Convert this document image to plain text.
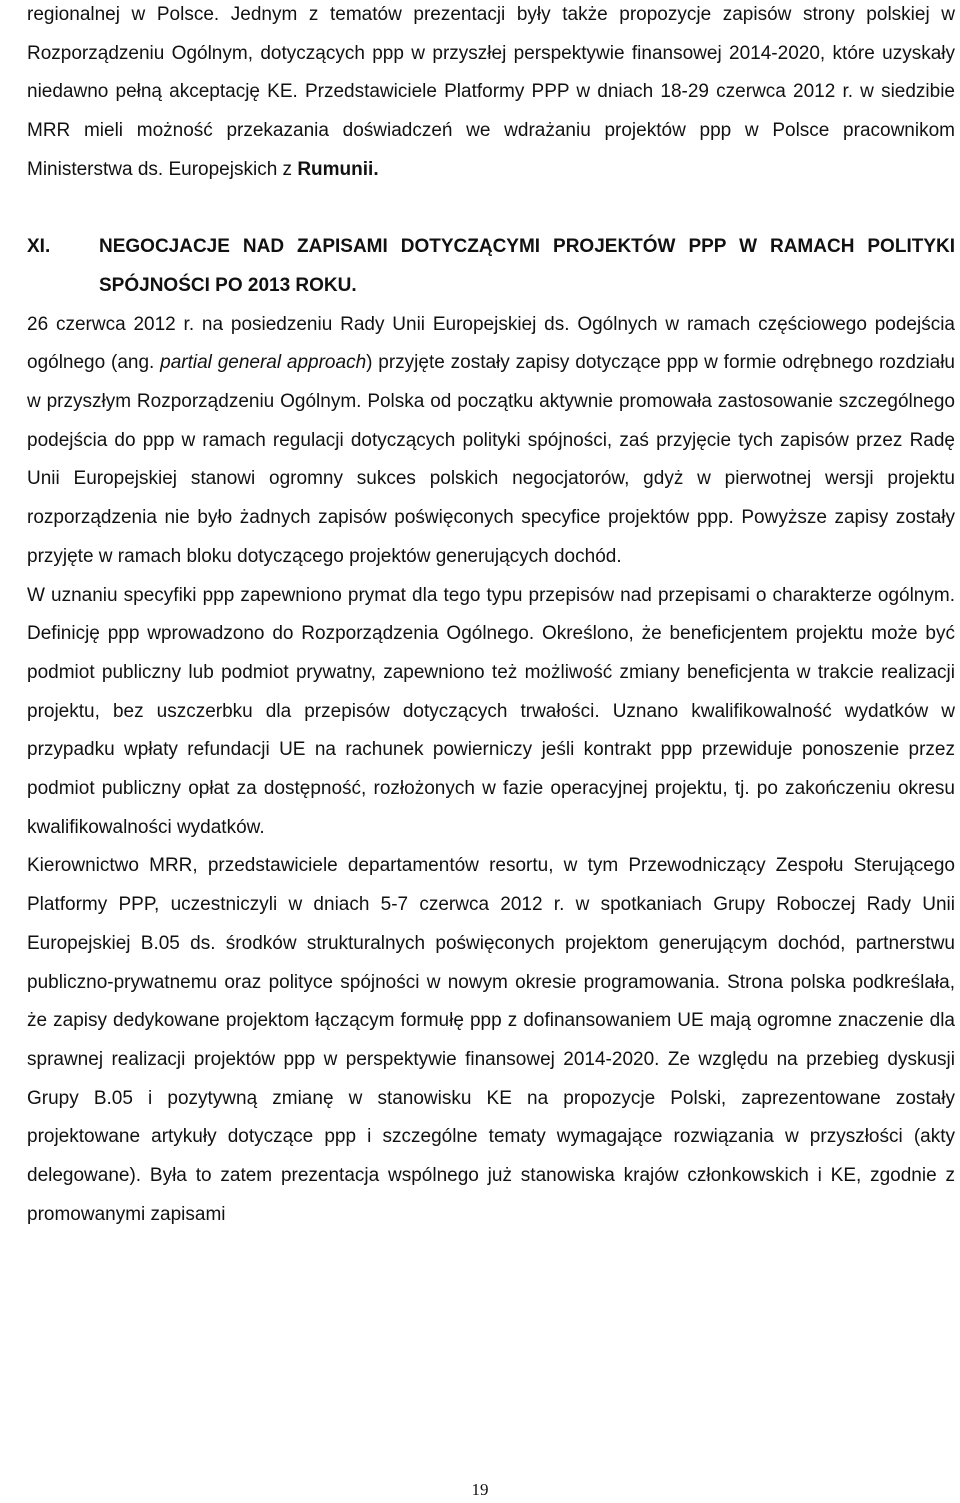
regionalnej w Polsce. Jednym z tematów prezentacji były także propozycje zapisów strony polskiej w Rozporządzeniu Ogólnym, dotyczących ppp w przyszłej perspektywie finansowej 2014-2020, które uzyskały niedawno pełną akceptację KE. Przedstawiciele Platformy PPP w dniach 18-29 czerwca 2012 r. w siedzibie MRR mieli możność przekazania doświadczeń we wdrażaniu projektów ppp w Polsce pracownikom Ministerstwa ds. Europejskich z Rumunii.

XI.	NEGOCJACJE NAD ZAPISAMI DOTYCZĄCYMI PROJEKTÓW PPP W RAMACH POLITYKI SPÓJNOŚCI PO 2013 ROKU.

26 czerwca 2012 r. na posiedzeniu Rady Unii Europejskiej ds. Ogólnych w ramach częściowego podejścia ogólnego (ang. partial general approach) przyjęte zostały zapisy dotyczące ppp w formie odrębnego rozdziału w przyszłym Rozporządzeniu Ogólnym. Polska od początku aktywnie promowała zastosowanie szczególnego podejścia do ppp w ramach regulacji dotyczących polityki spójności, zaś przyjęcie tych zapisów przez Radę Unii Europejskiej stanowi ogromny sukces polskich negocjatorów, gdyż w pierwotnej wersji projektu rozporządzenia nie było żadnych zapisów poświęconych specyfice projektów ppp. Powyższe zapisy zostały przyjęte w ramach bloku dotyczącego projektów generujących dochód.

W uznaniu specyfiki ppp zapewniono prymat dla tego typu przepisów nad przepisami o charakterze ogólnym. Definicję ppp wprowadzono do Rozporządzenia Ogólnego. Określono, że beneficjentem projektu może być podmiot publiczny lub podmiot prywatny, zapewniono też możliwość zmiany beneficjenta w trakcie realizacji projektu, bez uszczerbku dla przepisów dotyczących trwałości. Uznano kwalifikowalność wydatków w przypadku wpłaty refundacji UE na rachunek powierniczy jeśli kontrakt ppp przewiduje ponoszenie przez podmiot publiczny opłat za dostępność, rozłożonych w fazie operacyjnej projektu, tj. po zakończeniu okresu kwalifikowalności wydatków.

Kierownictwo MRR, przedstawiciele departamentów resortu, w tym Przewodniczący Zespołu Sterującego Platformy PPP, uczestniczyli w dniach 5-7 czerwca 2012 r. w spotkaniach Grupy Roboczej Rady Unii Europejskiej B.05 ds. środków strukturalnych poświęconych projektom generującym dochód, partnerstwu publiczno-prywatnemu oraz polityce spójności w nowym okresie programowania. Strona polska podkreślała, że zapisy dedykowane projektom łączącym formułę ppp z dofinansowaniem UE mają ogromne znaczenie dla sprawnej realizacji projektów ppp w perspektywie finansowej 2014-2020. Ze względu na przebieg dyskusji Grupy B.05 i pozytywną zmianę w stanowisku KE na propozycje Polski, zaprezentowane zostały projektowane artykuły dotyczące ppp i szczególne tematy wymagające rozwiązania w przyszłości (akty delegowane). Była to zatem prezentacja wspólnego już stanowiska krajów członkowskich i KE, zgodnie z promowanymi zapisami

19
